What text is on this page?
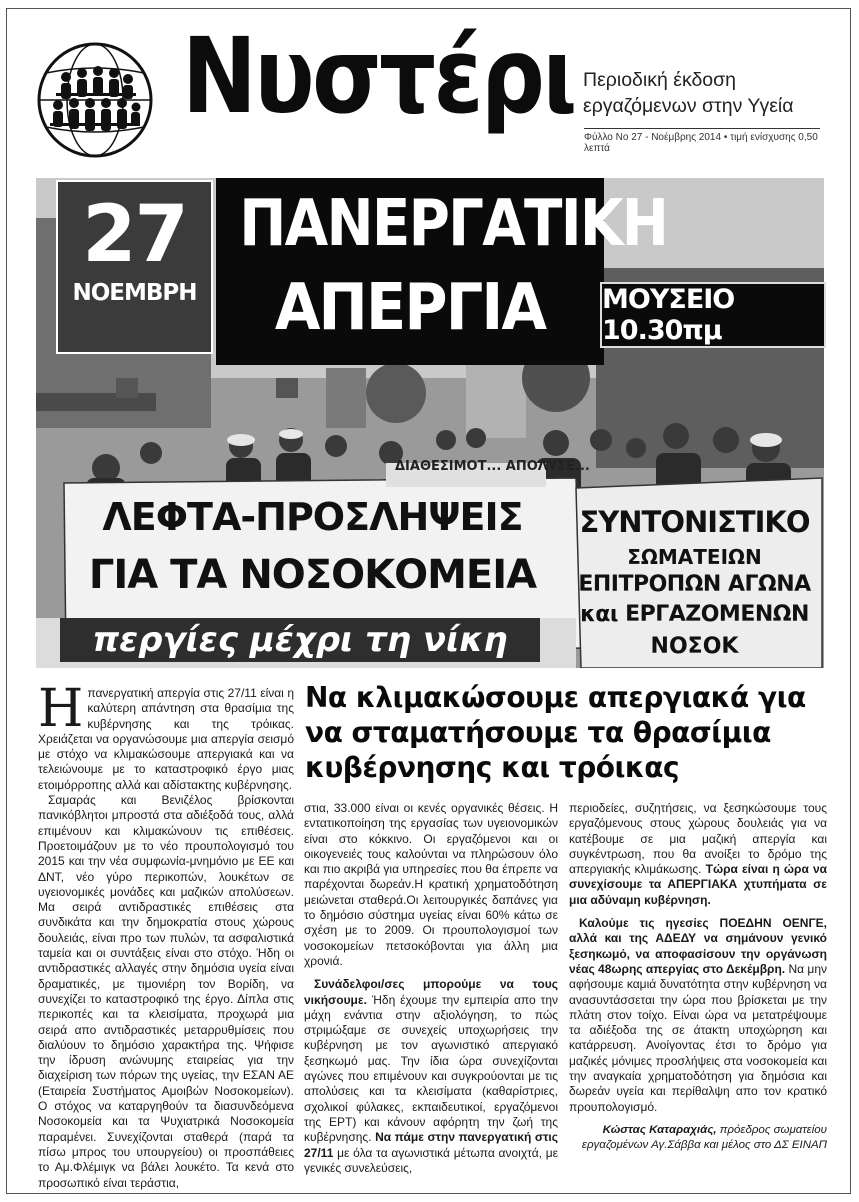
Νυστέρι Περιοδική έκδοση
εργαζόμενων στην Υγεία
Φύλλο Νο 27 - Νοέμβρης 2014 • τιμή ενίσχυσης 0,50 λεπτά
ΔΙΑΘΕΣΙΜΟΤ... ΑΠΟΛΥΣΕ...
ΛΕΦΤΑ-ΠΡΟΣΛΗΨΕΙΣ
ΓΙΑ ΤΑ ΝΟΣΟΚΟΜΕΙΑ
περγίες μέχρι τη νίκη
ΣΥΝΤΟΝΙΣΤΙΚΟ
ΣΩΜΑΤΕΙΩΝ
ΕΠΙΤΡΟΠΩΝ ΑΓΩΝΑ
και ΕΡΓΑΖΟΜΕΝΩΝ
ΝΟΣΟΚ
27
ΝΟΕΜΒΡΗ
ΠΑΝΕΡΓΑΤΙΚΗ
ΑΠΕΡΓΙΑ	ΜΟΥΣΕΙΟ 10.30πμ
Να κλιμακώσουμε απεργιακά για να σταματήσουμε τα θρασίμια κυβέρνησης και τρόικας

Ηπανεργατική απεργία στις 27/11 είναι η καλύτερη απάντηση στα θρασίμια της κυβέρνησης και της τρόικας. Χρειάζεται να οργανώσουμε μια απεργία σεισμό με στόχο να κλιμακώσουμε απεργιακά και να τελειώνουμε με το καταστροφικό έργο μιας ετοιμόρροπης αλλά και αδίστακτης κυβέρνησης.

Σαμαράς και Βενιζέλος βρίσκονται πανικόβλητοι μπροστά στα αδιέξοδά τους, αλλά επιμένουν και κλιμακώνουν τις επιθέσεις. Προετοιμάζουν με το νέο προυπολογισμό του 2015 και την νέα συμφωνία-μνημόνιο με ΕΕ και ΔΝΤ, νέο γύρο περικοπών, λουκέτων σε υγειονομικές μονάδες και μαζικών απολύσεων. Μα σειρά αντιδραστικές επιθέσεις στα συνδικάτα και την δημοκρατία στους χώρους δουλειάς, είναι προ των πυλών, τα ασφαλιστικά ταμεία και οι συντάξεις είναι στο στόχο. Ήδη οι αντιδραστικές αλλαγές στην δημόσια υγεία είναι δραματικές, με τιμονιέρη τον Βορίδη, να συνεχίζει το καταστροφικό της έργο. Δίπλα στις περικοπές και τα κλεισίματα, προχωρά μια σειρά απο αντιδραστικές μεταρρυθμίσεις που διαλύουν το δημόσιο χαρακτήρα της. Ψήφισε την ίδρυση ανώνυμης εταιρείας για την διαχείριση των πόρων της υγείας, την ΕΣΑΝ ΑΕ (Εταιρεία Συστήματος Αμοιβών Νοσοκομείων). Ο στόχος να καταργηθούν τα διασυνδεόμενα Νοσοκομεία και τα Ψυχιατρικά Νοσοκομεία παραμένει. Συνεχίζονται σταθερά (παρά τα πίσω μπρος του υπουργείου) οι προσπάθειες το Αμ.Φλέμιγκ να βάλει λουκέτο. Τα κενά στο προσωπικό είναι τεράστια,

στια, 33.000 είναι οι κενές οργανικές θέσεις. Η εντατικοποίηση της εργασίας των υγειονομικών είναι στο κόκκινο. Οι εργαζόμενοι και οι οικογενειές τους καλούνται να πληρώσουν όλο και πιο ακριβά για υπηρεσίες που θα έπρεπε να παρέχονται δωρεάν.Η κρατική χρηματοδότηση μειώνεται σταθερά.Οι λειτουργικές δαπάνες για το δημόσιο σύστημα υγείας είναι 60% κάτω σε σχέση με το 2009. Οι προυπολογισμοί των νοσοκομείων πετσοκόβονται για άλλη μια χρονιά.

Συνάδελφοι/σες μπορούμε να τους νικήσουμε. Ήδη έχουμε την εμπειρία απο την μάχη ενάντια στην αξιολόγηση, το πώς στριμώξαμε σε συνεχείς υποχωρήσεις την κυβέρνηση με τον αγωνιστικό απεργιακό ξεσηκωμό μας. Την ίδια ώρα συνεχίζονται αγώνες που επιμένουν και συγκρούονται με τις απολύσεις και τα κλεισίματα (καθαρίστριες, σχολικοί φύλακες, εκπαιδευτικοί, εργαζόμενοι της ΕΡΤ) και κάνουν αφόρητη την ζωή της κυβέρνησης. Να πάμε στην πανεργατική στις 27/11 με όλα τα αγωνιστικά μέτωπα ανοιχτά, με γενικές συνελεύσεις,

περιοδείες, συζητήσεις, να ξεσηκώσουμε τους εργαζόμενους στους χώρους δουλειάς για να κατέβουμε σε μια μαζική απεργία και συγκέντρωση, που θα ανοίξει το δρόμο της απεργιακής κλιμάκωσης. Τώρα είναι η ώρα να συνεχίσουμε τα ΑΠΕΡΓΙΑΚΑ χτυπήματα σε μια αδύναμη κυβέρνηση.

Καλούμε τις ηγεσίες ΠΟΕΔΗΝ ΟΕΝΓΕ, αλλά και της ΑΔΕΔΥ να σημάνουν γενικό ξεσηκωμό, να αποφασίσουν την οργάνωση νέας 48ωρης απεργίας στο Δεκέμβρη. Να μην αφήσουμε καμιά δυνατότητα στην κυβέρνηση να ανασυντάσσεται την ώρα που βρίσκεται με την πλάτη στον τοίχο. Είναι ώρα να μετατρέψουμε τα αδιέξοδα της σε άτακτη υποχώρηση και κατάρρευση. Ανοίγοντας έτσι το δρόμο για μαζικές μόνιμες προσλήψεις στα νοσοκομεία και την αναγκαία χρηματοδότηση για δημόσια και δωρεάν υγεία και περίθαλψη απο τον κρατικό προυπολογισμό.

Κώστας Καταραχιάς, πρόεδρος σωματείου
εργαζομένων Αγ.Σάββα και μέλος στο ΔΣ ΕΙΝΑΠ
